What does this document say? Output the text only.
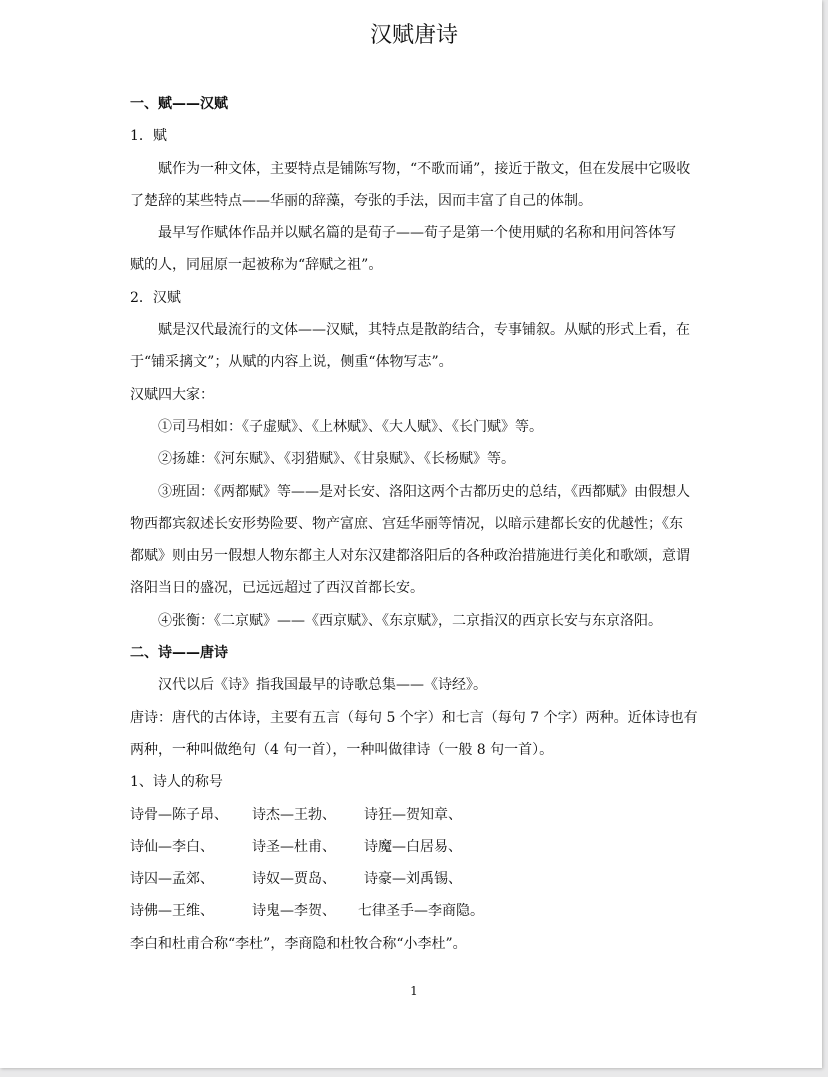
汉赋唐诗
一、赋——汉赋
1．赋
赋作为一种文体，主要特点是铺陈写物，“不歌而诵”，接近于散文，但在发展中它吸收
了楚辞的某些特点——华丽的辞藻，夸张的手法，因而丰富了自己的体制。
最早写作赋体作品并以赋名篇的是荀子——荀子是第一个使用赋的名称和用问答体写
赋的人，同屈原一起被称为“辞赋之祖”。
2．汉赋
赋是汉代最流行的文体——汉赋，其特点是散韵结合，专事铺叙。从赋的形式上看，在
于“铺采摛文”；从赋的内容上说，侧重“体物写志”。
汉赋四大家：
①司马相如：《子虚赋》、《上林赋》、《大人赋》、《长门赋》等。
②扬雄：《河东赋》、《羽猎赋》、《甘泉赋》、《长杨赋》等。
③班固：《两都赋》等——是对长安、洛阳这两个古都历史的总结，《西都赋》由假想人
物西都宾叙述长安形势险要、物产富庶、宫廷华丽等情况，以暗示建都长安的优越性；《东
都赋》则由另一假想人物东都主人对东汉建都洛阳后的各种政治措施进行美化和歌颂，意谓
洛阳当日的盛况，已远远超过了西汉首都长安。
④张衡：《二京赋》——《西京赋》、《东京赋》，二京指汉的西京长安与东京洛阳。
二、诗——唐诗
汉代以后《诗》指我国最早的诗歌总集——《诗经》。
唐诗：唐代的古体诗，主要有五言（每句 5 个字）和七言（每句 7 个字）两种。近体诗也有
两种，一种叫做绝句（4 句一首），一种叫做律诗（一般 8 句一首）。
1、诗人的称号
诗骨—陈子昂、	诗杰—王勃、	诗狂—贺知章、
诗仙—李白、	诗圣—杜甫、	诗魔—白居易、
诗囚—孟郊、	诗奴—贾岛、	诗豪—刘禹锡、
诗佛—王维、	诗鬼—李贺、	七律圣手—李商隐。
李白和杜甫合称“李杜”，李商隐和杜牧合称“小李杜”。
1
